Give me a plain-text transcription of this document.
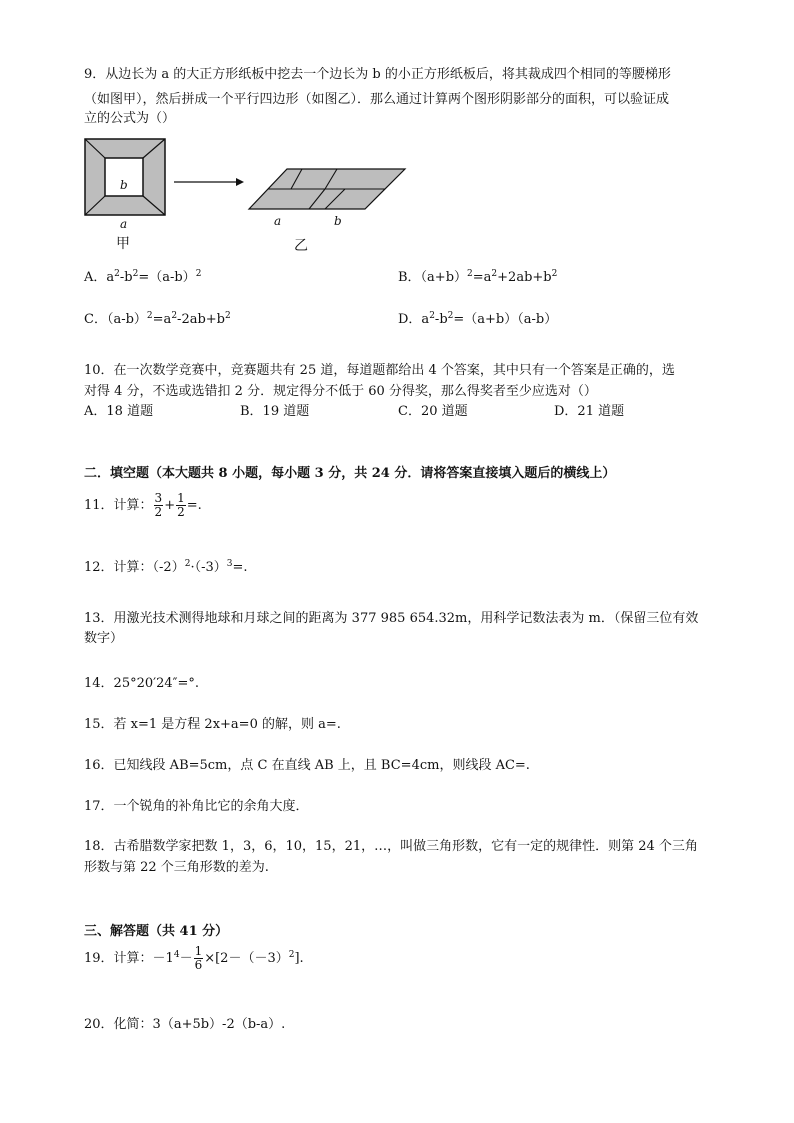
9．从边长为 a 的大正方形纸板中挖去一个边长为 b 的小正方形纸板后，将其裁成四个相同的等腰梯形
（如图甲），然后拼成一个平行四边形（如图乙）．那么通过计算两个图形阴影部分的面积，可以验证成
立的公式为（）
b
a
甲
a	b
乙
A．$a^2-b^2=(a-b)^2$	B．$(a+b)^2=a^2+2ab+b^2$
C．$(a-b)^2=a^2-2ab+b^2$	D．$a^2-b^2=(a+b)(a-b)$
10．在一次数学竞赛中，竞赛题共有 25 道，每道题都给出 4 个答案，其中只有一个答案是正确的，选
对得 4 分，不选或选错扣 2 分．规定得分不低于 60 分得奖，那么得奖者至少应选对（）
A．18 道题	B．19 道题	C．20 道题	D．21 道题
二．填空题（本大题共 8 小题，每小题 3 分，共 24 分．请将答案直接填入题后的横线上）
11．计算： $\frac{3}{2} + \frac{1}{2}$ =.
12．计算：$(-2)^2\cdot(-3)^3=$.
13．用激光技术测得地球和月球之间的距离为 377 985 654.32m，用科学记数法表为 m．（保留三位有效
数字）
14．25°20′24″=°.
15．若 x=1 是方程 2x+a=0 的解，则 a=.
16．已知线段 AB=5cm，点 C 在直线 AB 上，且 BC=4cm，则线段 AC=.
17．一个锐角的补角比它的余角大度．
18．古希腊数学家把数 1，3，6，10，15，21，…，叫做三角形数，它有一定的规律性．则第 24 个三角
形数与第 22 个三角形数的差为.
三、解答题（共 41 分）
19．计算：$-1^4- \frac{1}{6} \times[2-(-3)^2]$.
20．化简：3（a+5b）-2（b-a）.
